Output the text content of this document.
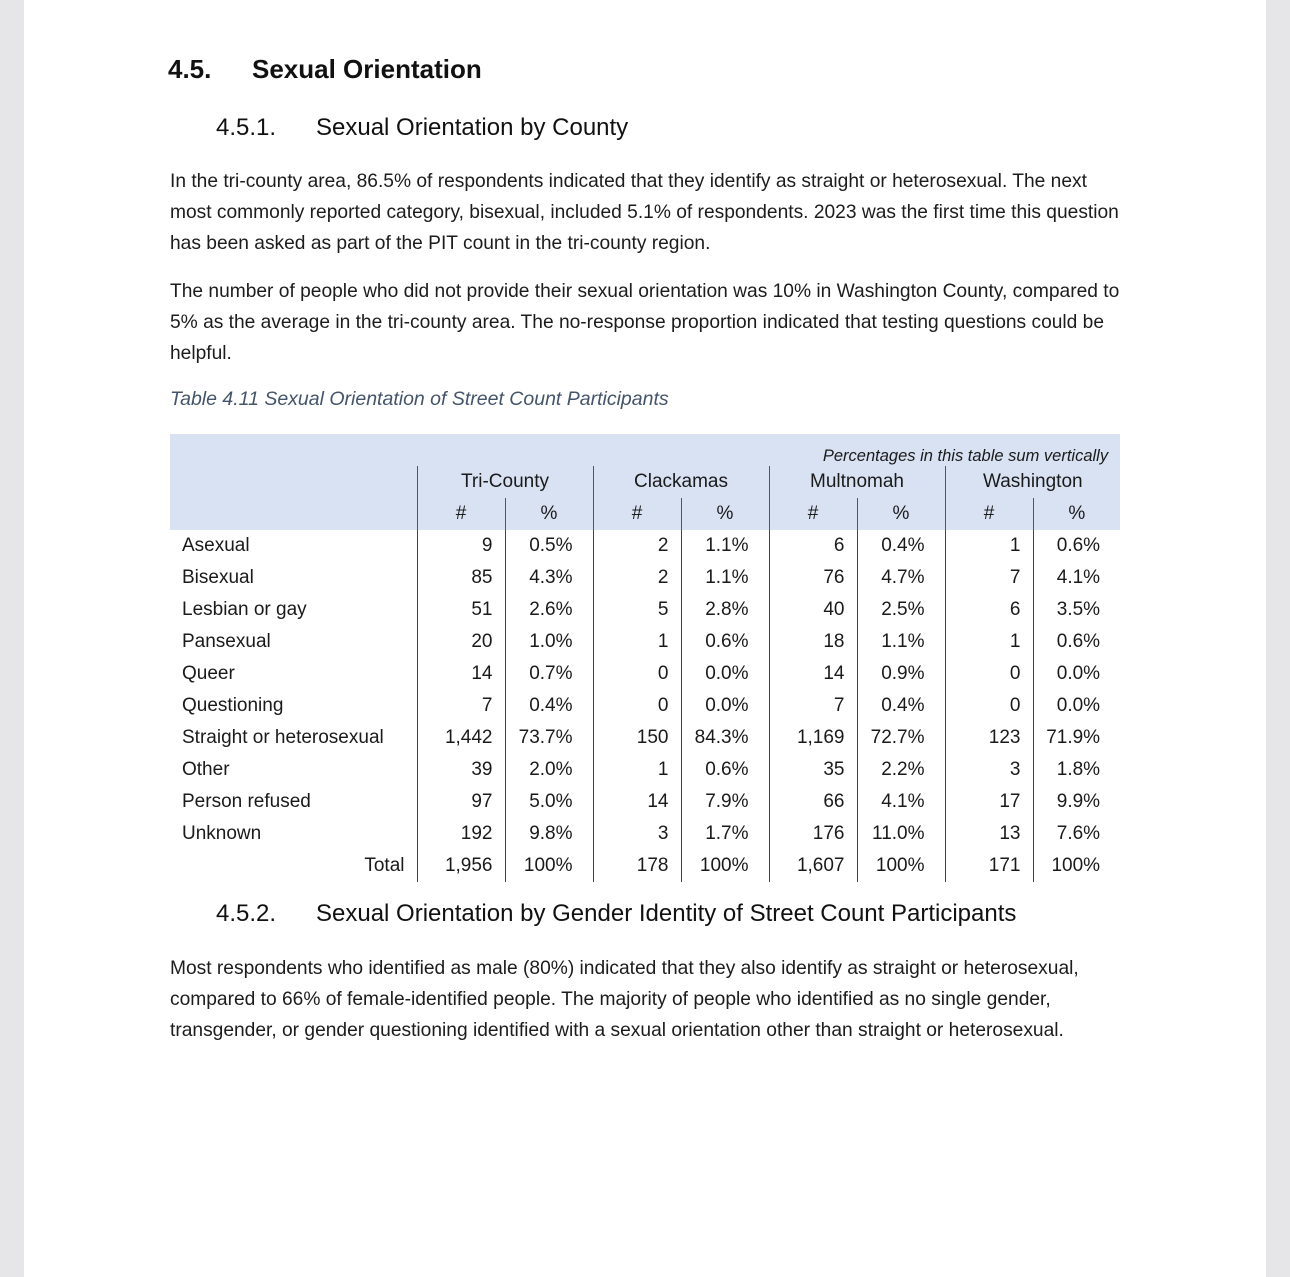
4.5. Sexual Orientation
4.5.1. Sexual Orientation by County
In the tri-county area, 86.5% of respondents indicated that they identify as straight or heterosexual. The next most commonly reported category, bisexual, included 5.1% of respondents. 2023 was the first time this question has been asked as part of the PIT count in the tri-county region.
The number of people who did not provide their sexual orientation was 10% in Washington County, compared to 5% as the average in the tri-county area. The no-response proportion indicated that testing questions could be helpful.
Table 4.11 Sexual Orientation of Street Count Participants
Percentages in this table sum vertically								
	Tri-County		Clackamas		Multnomah		Washington	
	#	%	#	%	#	%	#	%
Asexual	9	0.5%	2	1.1%	6	0.4%	1	0.6%
Bisexual	85	4.3%	2	1.1%	76	4.7%	7	4.1%
Lesbian or gay	51	2.6%	5	2.8%	40	2.5%	6	3.5%
Pansexual	20	1.0%	1	0.6%	18	1.1%	1	0.6%
Queer	14	0.7%	0	0.0%	14	0.9%	0	0.0%
Questioning	7	0.4%	0	0.0%	7	0.4%	0	0.0%
Straight or heterosexual	1,442	73.7%	150	84.3%	1,169	72.7%	123	71.9%
Other	39	2.0%	1	0.6%	35	2.2%	3	1.8%
Person refused	97	5.0%	14	7.9%	66	4.1%	17	9.9%
Unknown	192	9.8%	3	1.7%	176	11.0%	13	7.6%
Total	1,956	100%	178	100%	1,607	100%	171	100%
4.5.2. Sexual Orientation by Gender Identity of Street Count Participants
Most respondents who identified as male (80%) indicated that they also identify as straight or heterosexual, compared to 66% of female-identified people. The majority of people who identified as no single gender, transgender, or gender questioning identified with a sexual orientation other than straight or heterosexual.
